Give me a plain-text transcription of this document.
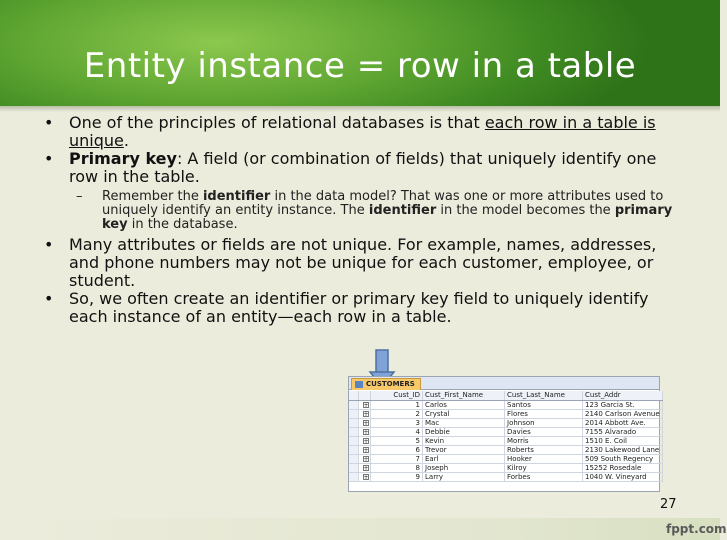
Entity instance = row in a table
• One of the principles of relational databases is that each row in a table is unique.
• Primary key: A field (or combination of fields) that uniquely identify one row in the table.
– Remember the identifier in the data model? That was one or more attributes used to uniquely identify an entity instance. The identifier in the model becomes the primary key in the database.
• Many attributes or fields are not unique. For example, names, addresses, and phone numbers may not be unique for each customer, employee, or student.
• So, we often create an identifier or primary key field to uniquely identify each instance of an entity—each row in a table.
CUSTOMERS
Cust_ID Cust_First_Name	Cust_Last_Name	Cust_Addr
+	1 Carlos	Santos	123 Garcia St.
+	2 Crystal	Flores	2140 Carlson Avenue
+	3 Mac	Johnson	2014 Abbott Ave.
+	4 Debbie	Davies	7155 Alvarado
+	5 Kevin	Morris	1510 E. Coil
+	6 Trevor	Roberts	2130 Lakewood Lane
+	7 Earl	Hooker	509 South Regency
+	8 Joseph	Kilroy	15252 Rosedale
+	9 Larry	Forbes	1040 W. Vineyard
27
fppt.com
